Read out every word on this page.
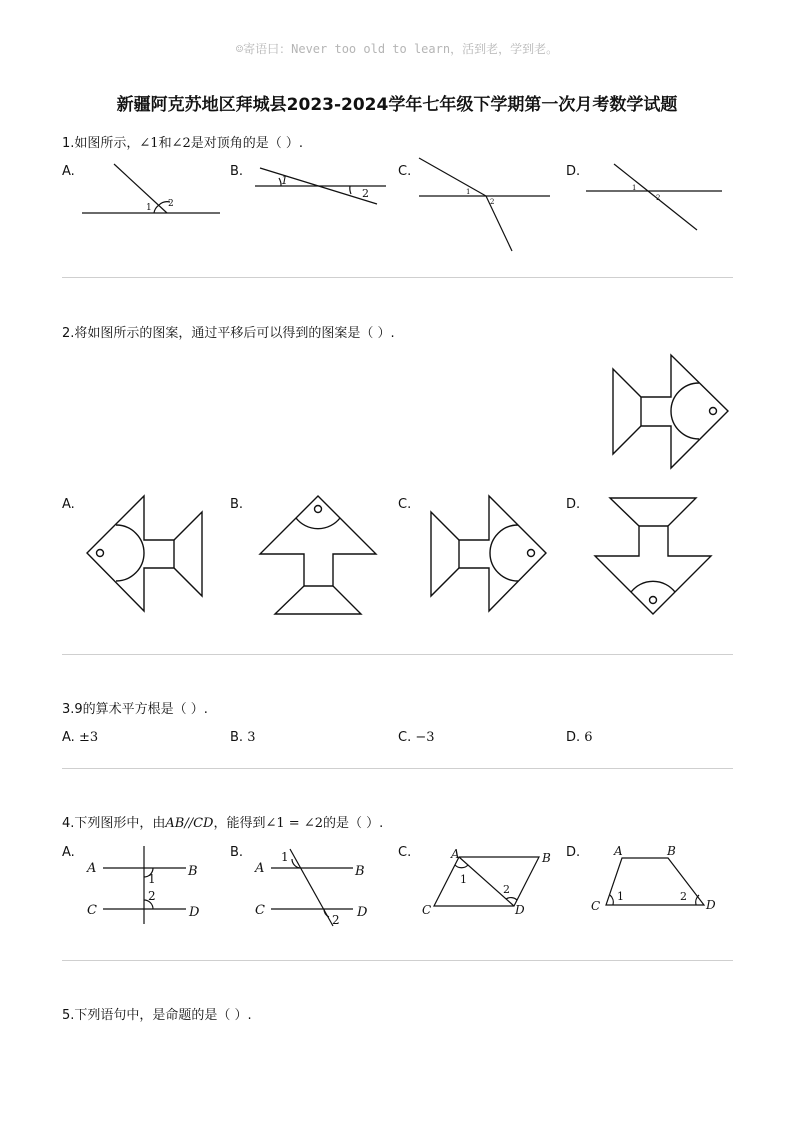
☺寄语曰：Never too old to learn，活到老，学到老。
新疆阿克苏地区拜城县2023-2024学年七年级下学期第一次月考数学试题
1.如图所示，∠1和∠2是对顶角的是（ ）.
A.	B.	C.	D.
1 2
1
2	1
2
1
2
A	B
C	D
1
2
A	B
C	D
1
2
A	B
C	D
1
2
A	B
C	D
1	2
2.将如图所示的图案，通过平移后可以得到的图案是（ ）.
A.	B.	C.	D.
3.9的算术平方根是（ ）.
A. ±3	B. 3	C. −3	D. 6
4.下列图形中，由AB//CD，能得到∠1 = ∠2的是（ ）.
A.	B.	C.	D.
5.下列语句中，是命题的是（ ）.
